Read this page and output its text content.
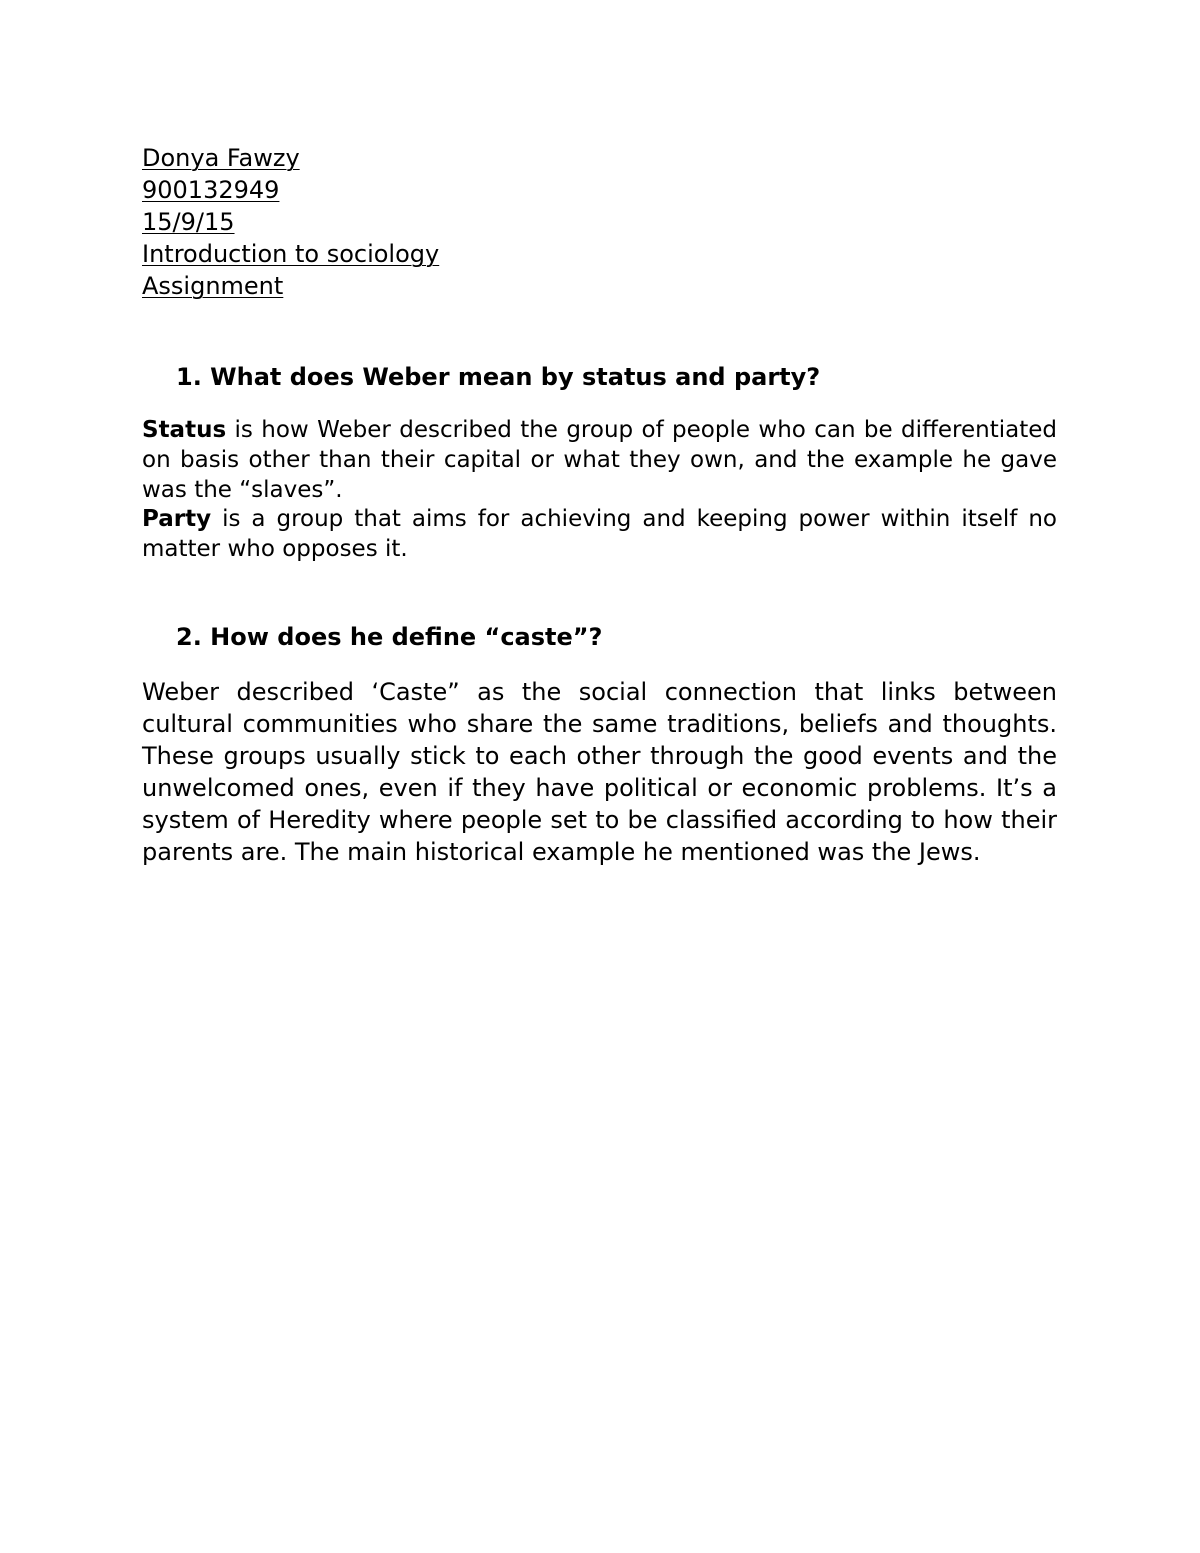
Donya Fawzy
900132949
15/9/15
Introduction to sociology
Assignment
1. What does Weber mean by status and party?
Status is how Weber described the group of people who can be differentiated on basis other than their capital or what they own, and the example he gave was the “slaves”.
Party is a group that aims for achieving and keeping power within itself no matter who opposes it.
2. How does he define “caste”?
Weber described ‘Caste” as the social connection that links between cultural communities who share the same traditions, beliefs and thoughts. These groups usually stick to each other through the good events and the unwelcomed ones, even if they have political or economic problems. It’s a system of Heredity where people set to be classified according to how their parents are. The main historical example he mentioned was the Jews.
